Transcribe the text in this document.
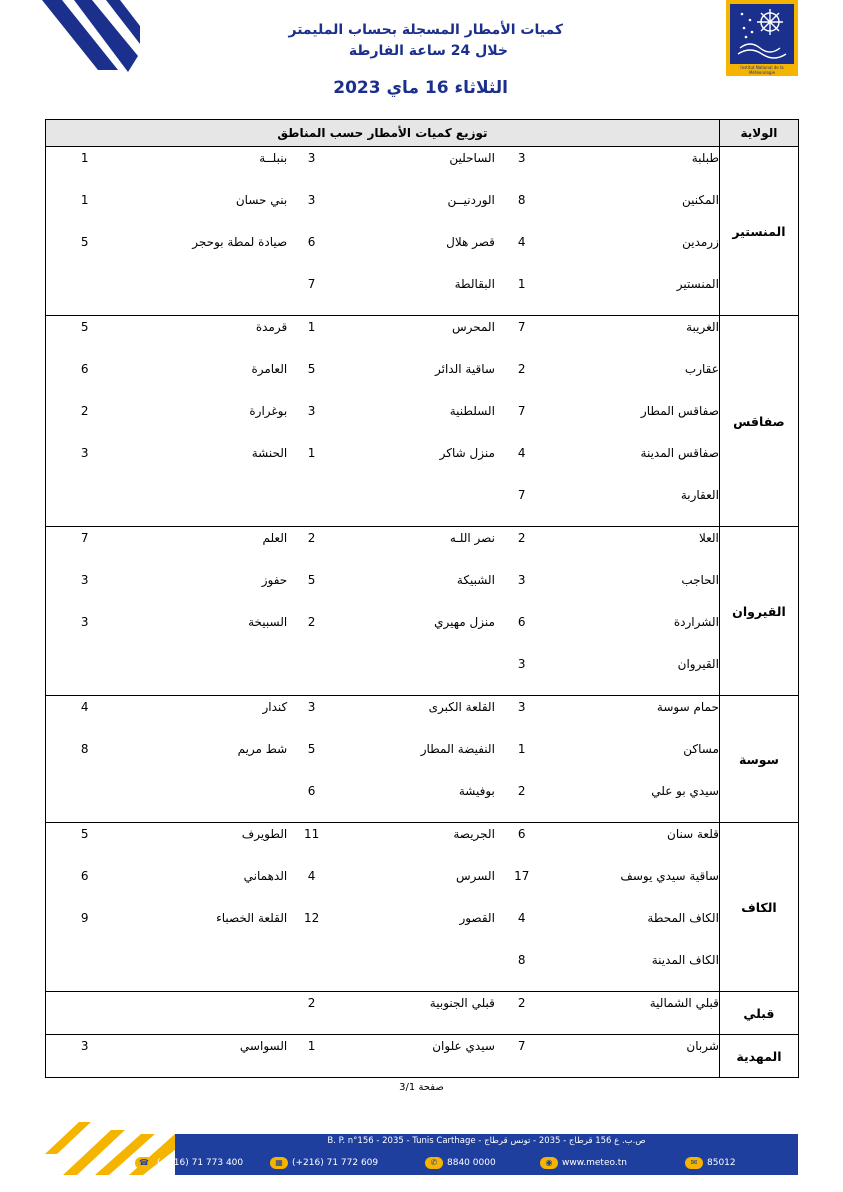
Institut National de la Météorologie
كميات الأمطار المسجلة بحساب المليمتر
خلال 24 ساعة الفارطة
الثلاثاء 16 ماي 2023
الولاية	توزيع كميات الأمطار حسب المناطق					
المنستير	طبلبة	3	الساحلين	3	بنبلــة	1
	المكنين	8	الوردنيــن	3	بني حسان	1
	زرمدين	4	قصر هلال	6	صيادة لمطة بوحجر	5
	المنستير	1	البقالطة	7		
صفاقس	الغريبة	7	المحرس	1	قرمدة	5
	عقارب	2	ساقية الدائر	5	العامرة	6
	صفاقس المطار	7	السلطنية	3	بوغرارة	2
	صفاقس المدينة	4	منزل شاكر	1	الحنشة	3
	العقاربة	7				
القيروان	العلا	2	نصر اللـه	2	العلم	7
	الحاجب	3	الشبيكة	5	حفوز	3
	الشراردة	6	منزل مهيري	2	السبيخة	3
	القيروان	3				
سوسة	حمام سوسة	3	القلعة الكبرى	3	كندار	4
	مساكن	1	النفيضة المطار	5	شط مريم	8
	سيدي بو علي	2	بوفيشة	6		
الكاف	قلعة سنان	6	الجريصة	11	الطويرف	5
	ساقية سيدي يوسف	17	السرس	4	الدهماني	6
	الكاف المحطة	4	القصور	12	القلعة الخصباء	9
	الكاف المدينة	8				
قبلي	قبلي الشمالية	2	قبلي الجنوبية	2		
المهدية	شربان	7	سيدي علوان	1	السواسي	3
صفحة 3/1
B. P. n°156 - 2035 - Tunis Carthage - ص.ب. ع 156 قرطاج - 2035 - تونس قرطاج
☎ (+216) 71 773 400	▦ (+216) 71 772 609	✆ 8840 0000	◉ www.meteo.tn	✉ 85012
